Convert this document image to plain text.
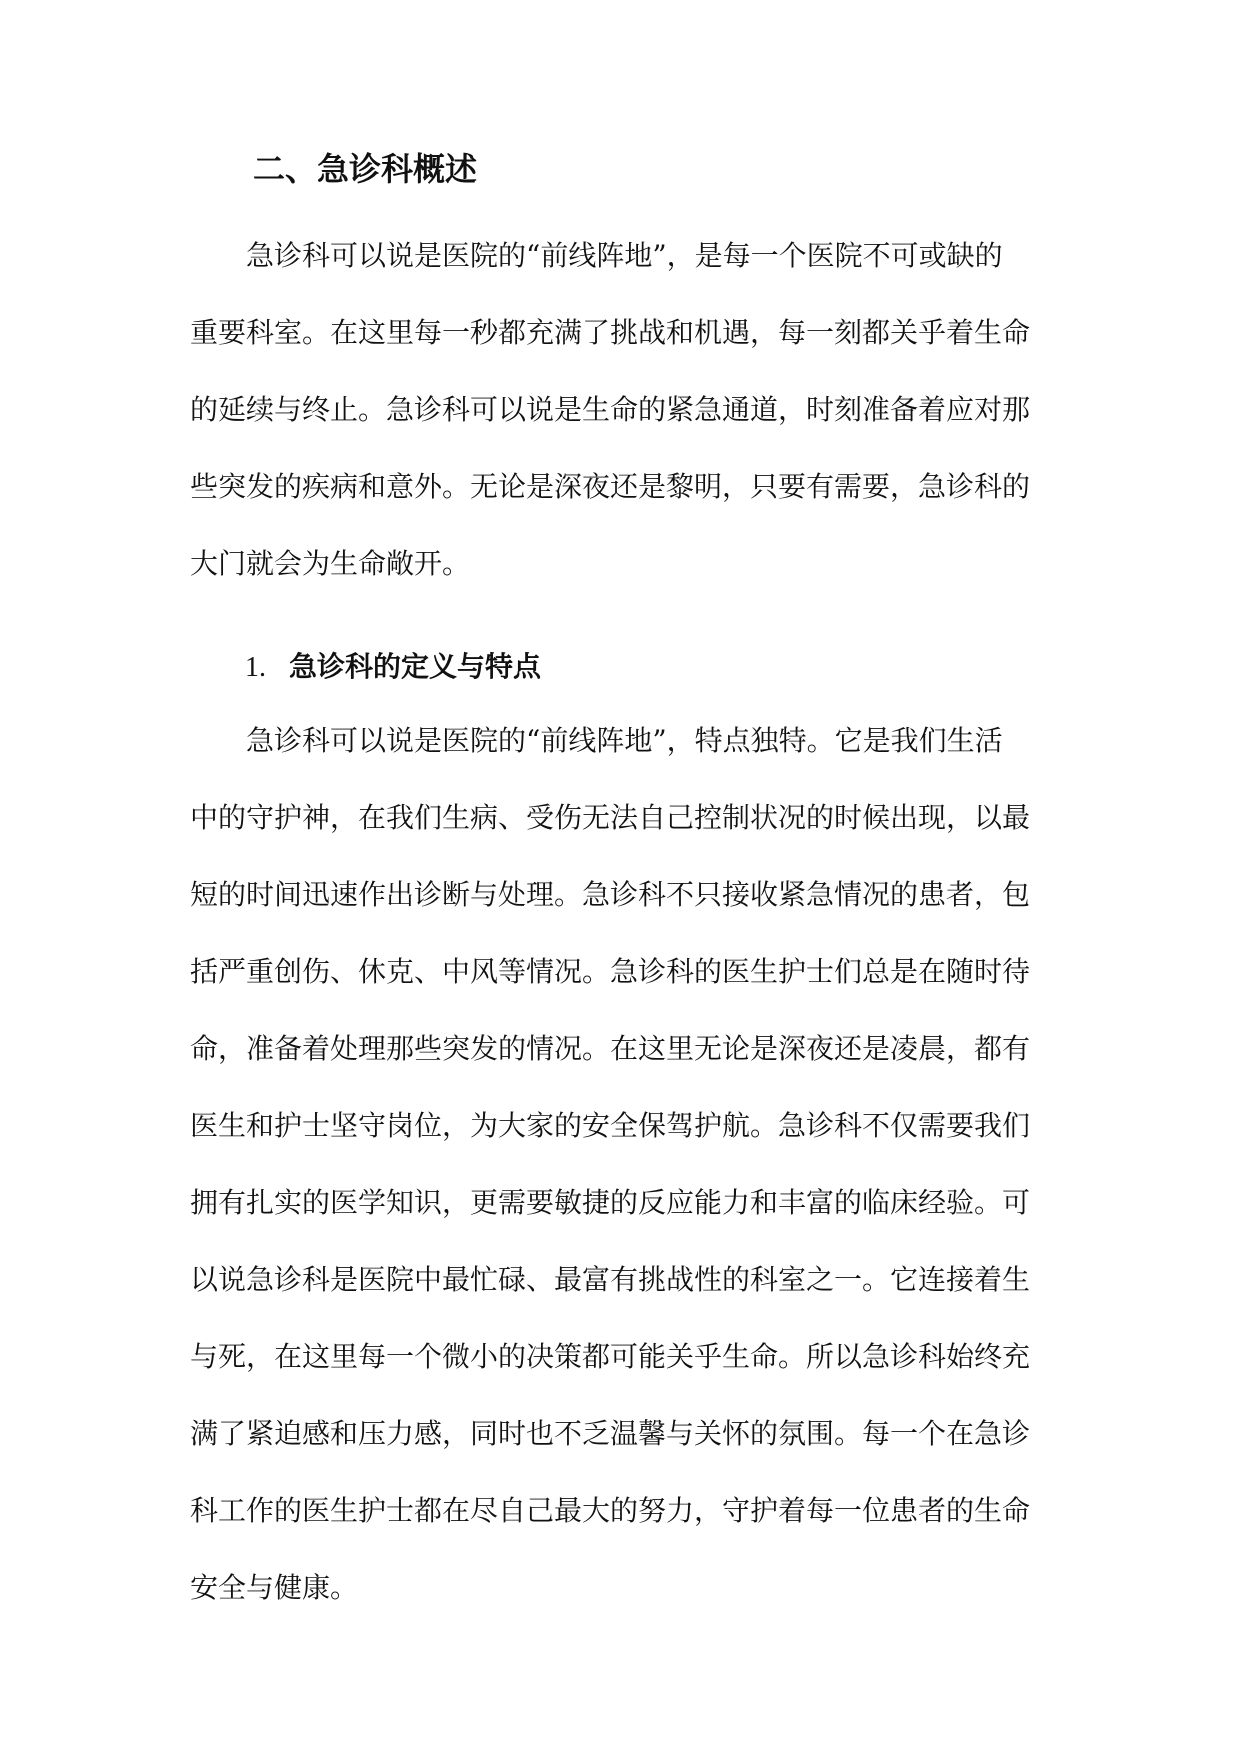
二、急诊科概述

急诊科可以说是医院的“前线阵地”，是每一个医院不可或缺的
重要科室。在这里每一秒都充满了挑战和机遇，每一刻都关乎着生命
的延续与终止。急诊科可以说是生命的紧急通道，时刻准备着应对那
些突发的疾病和意外。无论是深夜还是黎明，只要有需要，急诊科的
大门就会为生命敞开。

1. 急诊科的定义与特点

急诊科可以说是医院的“前线阵地”，特点独特。它是我们生活
中的守护神，在我们生病、受伤无法自己控制状况的时候出现，以最
短的时间迅速作出诊断与处理。急诊科不只接收紧急情况的患者，包
括严重创伤、休克、中风等情况。急诊科的医生护士们总是在随时待
命，准备着处理那些突发的情况。在这里无论是深夜还是凌晨，都有
医生和护士坚守岗位，为大家的安全保驾护航。急诊科不仅需要我们
拥有扎实的医学知识，更需要敏捷的反应能力和丰富的临床经验。可
以说急诊科是医院中最忙碌、最富有挑战性的科室之一。它连接着生
与死，在这里每一个微小的决策都可能关乎生命。所以急诊科始终充
满了紧迫感和压力感，同时也不乏温馨与关怀的氛围。每一个在急诊
科工作的医生护士都在尽自己最大的努力，守护着每一位患者的生命
安全与健康。
